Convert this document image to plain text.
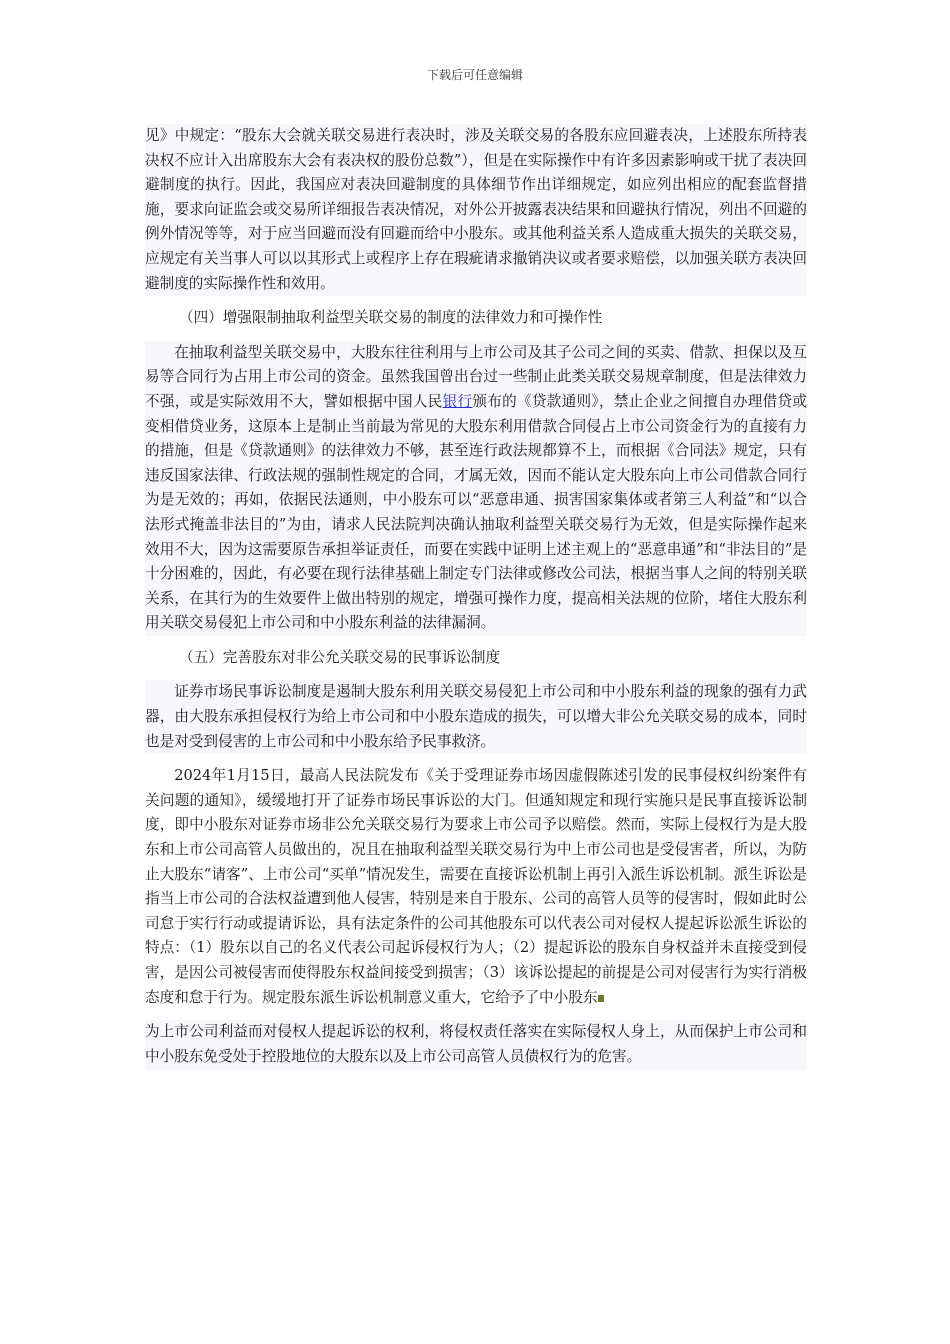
下载后可任意编辑

见》中规定：“股东大会就关联交易进行表决时，涉及关联交易的各股东应回避表决，上述股东所持表决权不应计入出席股东大会有表决权的股份总数”），但是在实际操作中有许多因素影响或干扰了表决回避制度的执行。因此，我国应对表决回避制度的具体细节作出详细规定，如应列出相应的配套监督措施，要求向证监会或交易所详细报告表决情况，对外公开披露表决结果和回避执行情况，列出不回避的例外情况等等，对于应当回避而没有回避而给中小股东。或其他利益关系人造成重大损失的关联交易，应规定有关当事人可以以其形式上或程序上存在瑕疵请求撤销决议或者要求赔偿，以加强关联方表决回避制度的实际操作性和效用。

（四）增强限制抽取利益型关联交易的制度的法律效力和可操作性

在抽取利益型关联交易中，大股东往往利用与上市公司及其子公司之间的买卖、借款、担保以及互易等合同行为占用上市公司的资金。虽然我国曾出台过一些制止此类关联交易规章制度，但是法律效力不强，或是实际效用不大，譬如根据中国人民银行颁布的《贷款通则》，禁止企业之间擅自办理借贷或变相借贷业务，这原本上是制止当前最为常见的大股东利用借款合同侵占上市公司资金行为的直接有力的措施，但是《贷款通则》的法律效力不够，甚至连行政法规都算不上，而根据《合同法》规定，只有违反国家法律、行政法规的强制性规定的合同，才属无效，因而不能认定大股东向上市公司借款合同行为是无效的；再如，依据民法通则，中小股东可以“恶意串通、损害国家集体或者第三人利益”和“以合法形式掩盖非法目的”为由，请求人民法院判决确认抽取利益型关联交易行为无效，但是实际操作起来效用不大，因为这需要原告承担举证责任，而要在实践中证明上述主观上的“恶意串通”和“非法目的”是十分困难的，因此，有必要在现行法律基础上制定专门法律或修改公司法，根据当事人之间的特别关联关系，在其行为的生效要件上做出特别的规定，增强可操作力度，提高相关法规的位阶，堵住大股东利用关联交易侵犯上市公司和中小股东利益的法律漏洞。

（五）完善股东对非公允关联交易的民事诉讼制度

证券市场民事诉讼制度是遏制大股东利用关联交易侵犯上市公司和中小股东利益的现象的强有力武器，由大股东承担侵权行为给上市公司和中小股东造成的损失，可以增大非公允关联交易的成本，同时也是对受到侵害的上市公司和中小股东给予民事救济。

2024年1月15日，最高人民法院发布《关于受理证券市场因虚假陈述引发的民事侵权纠纷案件有关问题的通知》，缓缓地打开了证券市场民事诉讼的大门。但通知规定和现行实施只是民事直接诉讼制度，即中小股东对证券市场非公允关联交易行为要求上市公司予以赔偿。然而，实际上侵权行为是大股东和上市公司高管人员做出的，况且在抽取利益型关联交易行为中上市公司也是受侵害者，所以，为防止大股东“请客”、上市公司“买单”情况发生，需要在直接诉讼机制上再引入派生诉讼机制。派生诉讼是指当上市公司的合法权益遭到他人侵害，特别是来自于股东、公司的高管人员等的侵害时，假如此时公司怠于实行行动或提请诉讼，具有法定条件的公司其他股东可以代表公司对侵权人提起诉讼派生诉讼的特点：（1）股东以自己的名义代表公司起诉侵权行为人；（2）提起诉讼的股东自身权益并未直接受到侵害，是因公司被侵害而使得股东权益间接受到损害；（3）该诉讼提起的前提是公司对侵害行为实行消极态度和怠于行为。规定股东派生诉讼机制意义重大，它给予了中小股东

为上市公司利益而对侵权人提起诉讼的权利，将侵权责任落实在实际侵权人身上，从而保护上市公司和中小股东免受处于控股地位的大股东以及上市公司高管人员债权行为的危害。
